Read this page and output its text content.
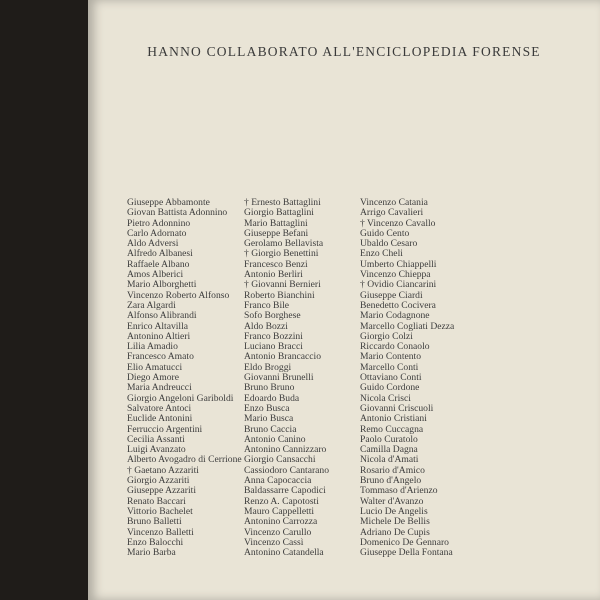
HANNO COLLABORATO ALL'ENCICLOPEDIA FORENSE
Giuseppe Abbamonte
Giovan Battista Adonnino
Pietro Adonnino
Carlo Adornato
Aldo Adversi
Alfredo Albanesi
Raffaele Albano
Amos Alberici
Mario Alborghetti
Vincenzo Roberto Alfonso
Zara Algardi
Alfonso Alibrandi
Enrico Altavilla
Antonino Altieri
Lilia Amadio
Francesco Amato
Elio Amatucci
Diego Amore
Maria Andreucci
Giorgio Angeloni Gariboldi
Salvatore Antoci
Euclide Antonini
Ferruccio Argentini
Cecilia Assanti
Luigi Avanzato
Alberto Avogadro di Cerrione
† Gaetano Azzariti
Giorgio Azzariti
Giuseppe Azzariti
Renato Baccari
Vittorio Bachelet
Bruno Balletti
Vincenzo Balletti
Enzo Balocchi
Mario Barba
† Ernesto Battaglini
Giorgio Battaglini
Mario Battaglini
Giuseppe Befani
Gerolamo Bellavista
† Giorgio Benettini
Francesco Benzi
Antonio Berliri
† Giovanni Bernieri
Roberto Bianchini
Franco Bile
Sofo Borghese
Aldo Bozzi
Franco Bozzini
Luciano Bracci
Antonio Brancaccio
Eldo Broggi
Giovanni Brunelli
Bruno Bruno
Edoardo Buda
Enzo Busca
Mario Busca
Bruno Caccia
Antonio Canino
Antonino Cannizzaro
Giorgio Cansacchi
Cassiodoro Cantarano
Anna Capocaccia
Baldassarre Capodici
Renzo A. Capotosti
Mauro Cappelletti
Antonino Carrozza
Vincenzo Carullo
Vincenzo Cassì
Antonino Catandella
Vincenzo Catania
Arrigo Cavalieri
† Vincenzo Cavallo
Guido Cento
Ubaldo Cesaro
Enzo Cheli
Umberto Chiappelli
Vincenzo Chieppa
† Ovidio Ciancarini
Giuseppe Ciardi
Benedetto Cocivera
Mario Codagnone
Marcello Cogliati Dezza
Giorgio Colzi
Riccardo Conaolo
Mario Contento
Marcello Conti
Ottaviano Conti
Guido Cordone
Nicola Crisci
Giovanni Criscuoli
Antonio Cristiani
Remo Cuccagna
Paolo Curatolo
Camilla Dagna
Nicola d'Amati
Rosario d'Amico
Bruno d'Angelo
Tommaso d'Arienzo
Walter d'Avanzo
Lucio De Angelis
Michele De Bellis
Adriano De Cupis
Domenico De Gennaro
Giuseppe Della Fontana
